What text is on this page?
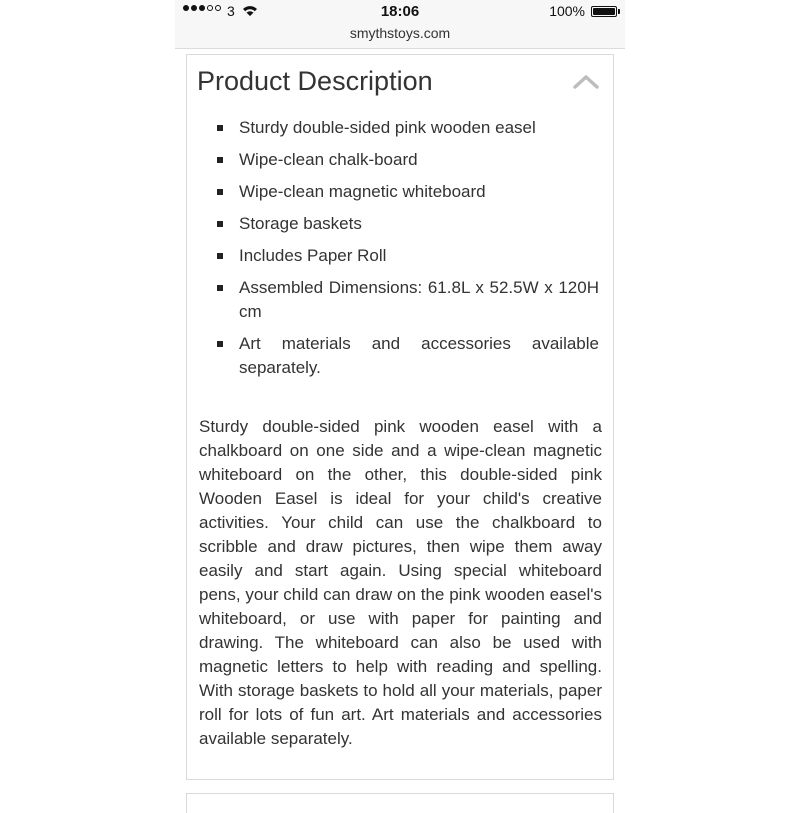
3	18:06	100%
smythstoys.com
Product Description
Sturdy double-sided pink wooden easel
Wipe-clean chalk-board
Wipe-clean magnetic whiteboard
Storage baskets
Includes Paper Roll
Assembled Dimensions: 61.8L x 52.5W x 120H cm
Art materials and accessories available separately.

Sturdy double-sided pink wooden easel with a chalkboard on one side and a wipe-clean magnetic whiteboard on the other, this double-sided pink Wooden Easel is ideal for your child's creative activities. Your child can use the chalkboard to scribble and draw pictures, then wipe them away easily and start again. Using special whiteboard pens, your child can draw on the pink wooden easel's whiteboard, or use with paper for painting and drawing. The whiteboard can also be used with magnetic letters to help with reading and spelling. With storage baskets to hold all your materials, paper roll for lots of fun art. Art materials and accessories available separately.
